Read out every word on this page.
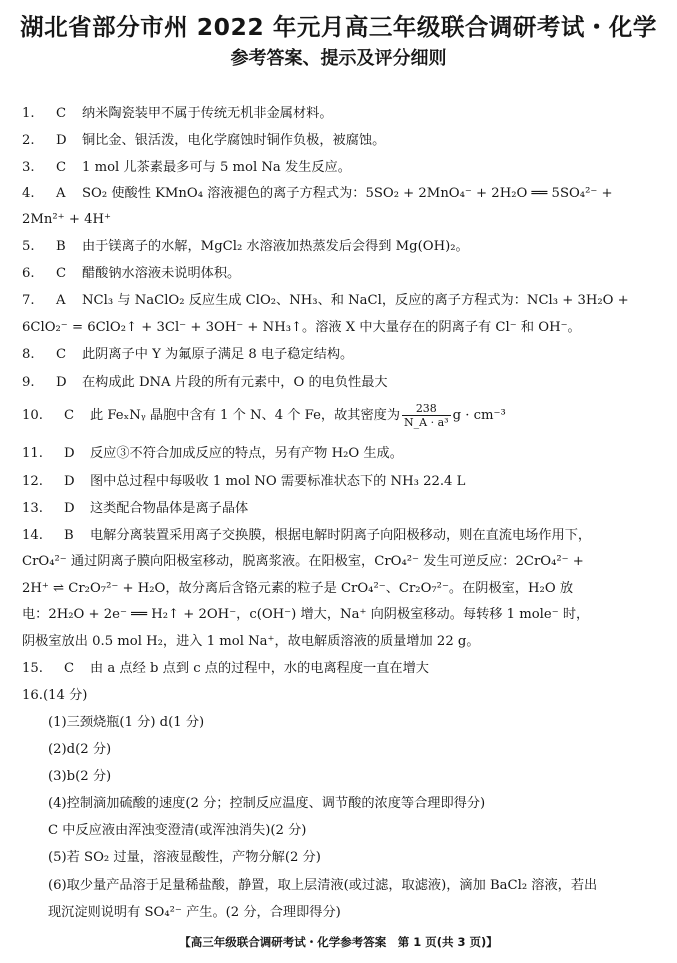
湖北省部分市州 2022 年元月高三年级联合调研考试・化学
参考答案、提示及评分细则
1. C 纳米陶瓷装甲不属于传统无机非金属材料。
2. D 铜比金、银活泼，电化学腐蚀时铜作负极，被腐蚀。
3. C 1 mol 儿茶素最多可与 5 mol Na 发生反应。
4. A SO₂ 使酸性 KMnO₄ 溶液褪色的离子方程式为：5SO₂ + 2MnO₄⁻ + 2H₂O ══ 5SO₄²⁻ +
2Mn²⁺ + 4H⁺
5. B 由于镁离子的水解，MgCl₂ 水溶液加热蒸发后会得到 Mg(OH)₂。
6. C 醋酸钠水溶液未说明体积。
7. A NCl₃ 与 NaClO₂ 反应生成 ClO₂、NH₃、和 NaCl，反应的离子方程式为：NCl₃ + 3H₂O +
6ClO₂⁻ = 6ClO₂↑ + 3Cl⁻ + 3OH⁻ + NH₃↑。溶液 X 中大量存在的阴离子有 Cl⁻ 和 OH⁻。
8. C 此阴离子中 Y 为氟原子满足 8 电子稳定结构。
9. D 在构成此 DNA 片段的所有元素中，O 的电负性最大
10. C 此 FeₓNᵧ 晶胞中含有 1 个 N、4 个 Fe，故其密度为 $\frac{238}{\text{N\_A · a³}}$ g · cm⁻³
11. D 反应③不符合加成反应的特点，另有产物 H₂O 生成。
12. D 图中总过程中每吸收 1 mol NO 需要标准状态下的 NH₃ 22.4 L
13. D 这类配合物晶体是离子晶体
14. B 电解分离装置采用离子交换膜，根据电解时阴离子向阳极移动，则在直流电场作用下，
CrO₄²⁻ 通过阴离子膜向阳极室移动，脱离浆液。在阳极室，CrO₄²⁻ 发生可逆反应：2CrO₄²⁻ +
2H⁺ ⇌ Cr₂O₇²⁻ + H₂O，故分离后含铬元素的粒子是 CrO₄²⁻、Cr₂O₇²⁻。在阴极室，H₂O 放
电：2H₂O + 2e⁻ ══ H₂↑ + 2OH⁻，c(OH⁻) 增大，Na⁺ 向阴极室移动。每转移 1 mole⁻ 时，
阴极室放出 0.5 mol H₂，进入 1 mol Na⁺，故电解质溶液的质量增加 22 g。
15. C 由 a 点经 b 点到 c 点的过程中，水的电离程度一直在增大
16.(14 分)
(1)三颈烧瓶(1 分) d(1 分)
(2)d(2 分)
(3)b(2 分)
(4)控制滴加硫酸的速度(2 分；控制反应温度、调节酸的浓度等合理即得分)
C 中反应液由浑浊变澄清(或浑浊消失)(2 分)
(5)若 SO₂ 过量，溶液显酸性，产物分解(2 分)
(6)取少量产品溶于足量稀盐酸，静置，取上层清液(或过滤，取滤液)，滴加 BaCl₂ 溶液，若出
现沉淀则说明有 SO₄²⁻ 产生。(2 分，合理即得分)
【高三年级联合调研考试・化学参考答案　第 1 页(共 3 页)】
